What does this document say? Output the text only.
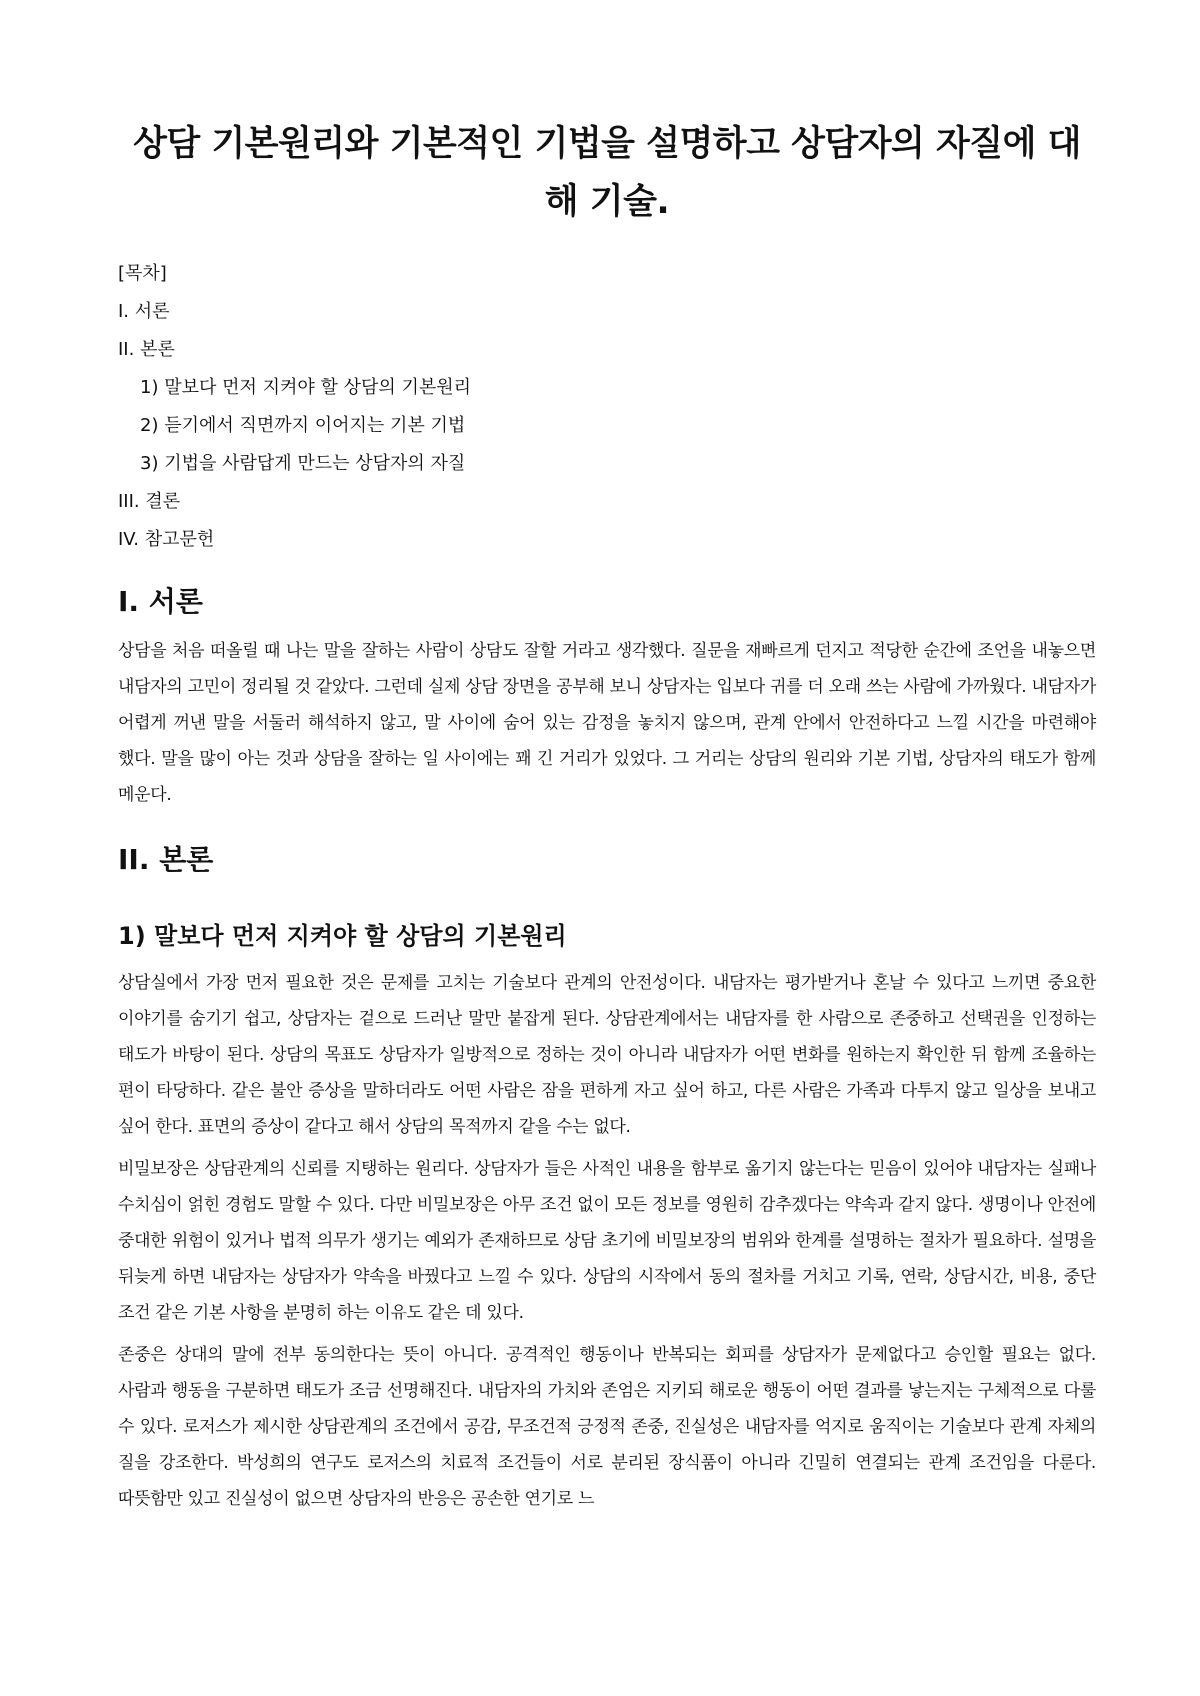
상담 기본원리와 기본적인 기법을 설명하고 상담자의 자질에 대해 기술.

[목차]

I. 서론

II. 본론

1) 말보다 먼저 지켜야 할 상담의 기본원리

2) 듣기에서 직면까지 이어지는 기본 기법

3) 기법을 사람답게 만드는 상담자의 자질

III. 결론

IV. 참고문헌

I. 서론

상담을 처음 떠올릴 때 나는 말을 잘하는 사람이 상담도 잘할 거라고 생각했다. 질문을 재빠르게 던지고 적당한 순간에 조언을 내놓으면 내담자의 고민이 정리될 것 같았다. 그런데 실제 상담 장면을 공부해 보니 상담자는 입보다 귀를 더 오래 쓰는 사람에 가까웠다. 내담자가 어렵게 꺼낸 말을 서둘러 해석하지 않고, 말 사이에 숨어 있는 감정을 놓치지 않으며, 관계 안에서 안전하다고 느낄 시간을 마련해야 했다. 말을 많이 아는 것과 상담을 잘하는 일 사이에는 꽤 긴 거리가 있었다. 그 거리는 상담의 원리와 기본 기법, 상담자의 태도가 함께 메운다.

II. 본론
1) 말보다 먼저 지켜야 할 상담의 기본원리

상담실에서 가장 먼저 필요한 것은 문제를 고치는 기술보다 관계의 안전성이다. 내담자는 평가받거나 혼날 수 있다고 느끼면 중요한 이야기를 숨기기 쉽고, 상담자는 겉으로 드러난 말만 붙잡게 된다. 상담관계에서는 내담자를 한 사람으로 존중하고 선택권을 인정하는 태도가 바탕이 된다. 상담의 목표도 상담자가 일방적으로 정하는 것이 아니라 내담자가 어떤 변화를 원하는지 확인한 뒤 함께 조율하는 편이 타당하다. 같은 불안 증상을 말하더라도 어떤 사람은 잠을 편하게 자고 싶어 하고, 다른 사람은 가족과 다투지 않고 일상을 보내고 싶어 한다. 표면의 증상이 같다고 해서 상담의 목적까지 같을 수는 없다.

비밀보장은 상담관계의 신뢰를 지탱하는 원리다. 상담자가 들은 사적인 내용을 함부로 옮기지 않는다는 믿음이 있어야 내담자는 실패나 수치심이 얽힌 경험도 말할 수 있다. 다만 비밀보장은 아무 조건 없이 모든 정보를 영원히 감추겠다는 약속과 같지 않다. 생명이나 안전에 중대한 위험이 있거나 법적 의무가 생기는 예외가 존재하므로 상담 초기에 비밀보장의 범위와 한계를 설명하는 절차가 필요하다. 설명을 뒤늦게 하면 내담자는 상담자가 약속을 바꿨다고 느낄 수 있다. 상담의 시작에서 동의 절차를 거치고 기록, 연락, 상담시간, 비용, 중단 조건 같은 기본 사항을 분명히 하는 이유도 같은 데 있다.

존중은 상대의 말에 전부 동의한다는 뜻이 아니다. 공격적인 행동이나 반복되는 회피를 상담자가 문제없다고 승인할 필요는 없다. 사람과 행동을 구분하면 태도가 조금 선명해진다. 내담자의 가치와 존엄은 지키되 해로운 행동이 어떤 결과를 낳는지는 구체적으로 다룰 수 있다. 로저스가 제시한 상담관계의 조건에서 공감, 무조건적 긍정적 존중, 진실성은 내담자를 억지로 움직이는 기술보다 관계 자체의 질을 강조한다. 박성희의 연구도 로저스의 치료적 조건들이 서로 분리된 장식품이 아니라 긴밀히 연결되는 관계 조건임을 다룬다. 따뜻함만 있고 진실성이 없으면 상담자의 반응은 공손한 연기로 느
